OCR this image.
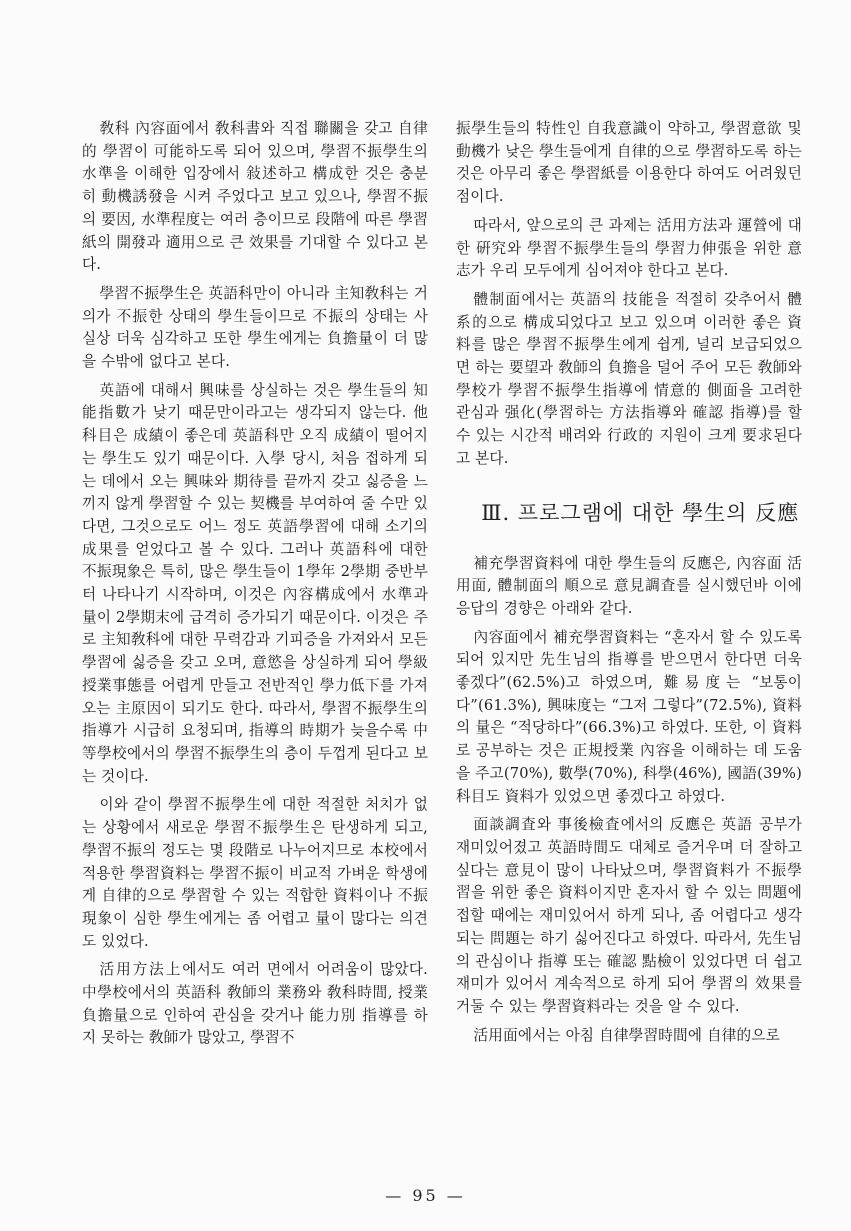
敎科 內容面에서 敎科書와 직접 聯關을 갖고 自律的 學習이 可能하도록 되어 있으며, 學習不振學生의 水準을 이해한 입장에서 敍述하고 構成한 것은 충분히 動機誘發을 시켜 주었다고 보고 있으나, 學習不振의 要因, 水準程度는 여러 층이므로 段階에 따른 學習紙의 開發과 適用으로 큰 效果를 기대할 수 있다고 본다.

學習不振學生은 英語科만이 아니라 主知敎科는 거의가 不振한 상태의 學生들이므로 不振의 상태는 사실상 더욱 심각하고 또한 學生에게는 負擔量이 더 많을 수밖에 없다고 본다.

英語에 대해서 興味를 상실하는 것은 學生들의 知能指數가 낮기 때문만이라고는 생각되지 않는다. 他科目은 成績이 좋은데 英語科만 오직 成績이 떨어지는 學生도 있기 때문이다. 入學 당시, 처음 접하게 되는 데에서 오는 興味와 期待를 끝까지 갖고 싫증을 느끼지 않게 學習할 수 있는 契機를 부여하여 줄 수만 있다면, 그것으로도 어느 정도 英語學習에 대해 소기의 成果를 얻었다고 볼 수 있다. 그러나 英語科에 대한 不振現象은 특히, 많은 學生들이 1學年 2學期 중반부터 나타나기 시작하며, 이것은 內容構成에서 水準과 量이 2學期末에 급격히 증가되기 때문이다. 이것은 주로 主知敎科에 대한 무력감과 기피증을 가져와서 모든 學習에 싫증을 갖고 오며, 意慾을 상실하게 되어 學級授業事態를 어렵게 만들고 전반적인 學力低下를 가져오는 主原因이 되기도 한다. 따라서, 學習不振學生의 指導가 시급히 요청되며, 指導의 時期가 늦을수록 中等學校에서의 學習不振學生의 층이 두껍게 된다고 보는 것이다.

이와 같이 學習不振學生에 대한 적절한 처치가 없는 상황에서 새로운 學習不振學生은 탄생하게 되고, 學習不振의 정도는 몇 段階로 나누어지므로 本校에서 적용한 學習資料는 學習不振이 비교적 가벼운 학생에게 自律的으로 學習할 수 있는 적합한 資料이나 不振現象이 심한 學生에게는 좀 어렵고 量이 많다는 의견도 있었다.

活用方法上에서도 여러 면에서 어려움이 많았다. 中學校에서의 英語科 敎師의 業務와 敎科時間, 授業負擔量으로 인하여 관심을 갖거나 能力別 指導를 하지 못하는 敎師가 많았고, 學習不

振學生들의 特性인 自我意識이 약하고, 學習意欲 및 動機가 낮은 學生들에게 自律的으로 學習하도록 하는 것은 아무리 좋은 學習紙를 이용한다 하여도 어려웠던 점이다.

따라서, 앞으로의 큰 과제는 活用方法과 運營에 대한 硏究와 學習不振學生들의 學習力伸張을 위한 意志가 우리 모두에게 심어져야 한다고 본다.

體制面에서는 英語의 技能을 적절히 갖추어서 體系的으로 構成되었다고 보고 있으며 이러한 좋은 資料를 많은 學習不振學生에게 쉽게, 널리 보급되었으면 하는 要望과 敎師의 負擔을 덜어 주어 모든 敎師와 學校가 學習不振學生指導에 情意的 側面을 고려한 관심과 强化(學習하는 方法指導와 確認 指導)를 할 수 있는 시간적 배려와 行政的 지원이 크게 要求된다고 본다.

Ⅲ. 프로그램에 대한 學生의 反應

補充學習資料에 대한 學生들의 反應은, 內容面 活用面, 體制面의 順으로 意見調査를 실시했던바 이에 응답의 경향은 아래와 같다.

內容面에서 補充學習資料는 “혼자서 할 수 있도록 되어 있지만 先生님의 指導를 받으면서 한다면 더욱 좋겠다”(62.5%)고 하였으며, 難易度는 “보통이다”(61.3%), 興味度는 “그저 그렇다”(72.5%), 資料의 量은 “적당하다”(66.3%)고 하였다. 또한, 이 資料로 공부하는 것은 正規授業 內容을 이해하는 데 도움을 주고(70%), 數學(70%), 科學(46%), 國語(39%) 科目도 資料가 있었으면 좋겠다고 하였다.

面談調査와 事後檢査에서의 反應은 英語 공부가 재미있어졌고 英語時間도 대체로 즐거우며 더 잘하고 싶다는 意見이 많이 나타났으며, 學習資料가 不振學習을 위한 좋은 資料이지만 혼자서 할 수 있는 問題에 접할 때에는 재미있어서 하게 되나, 좀 어렵다고 생각되는 問題는 하기 싫어진다고 하였다. 따라서, 先生님의 관심이나 指導 또는 確認 點檢이 있었다면 더 쉽고 재미가 있어서 계속적으로 하게 되어 學習의 效果를 거둘 수 있는 學習資料라는 것을 알 수 있다.

活用面에서는 아침 自律學習時間에 自律的으로

— 95 —
